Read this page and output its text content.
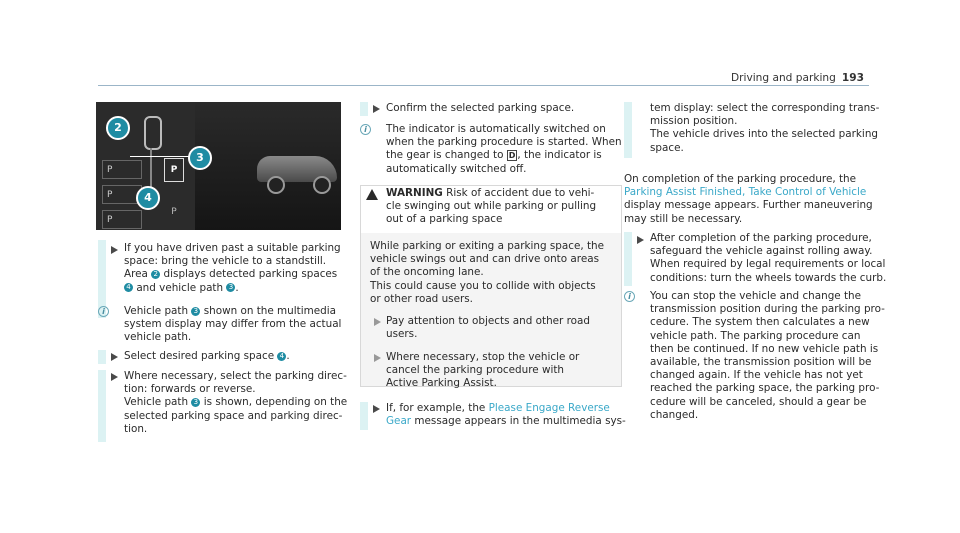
Driving and parking 193
P
P
P
P
P
2
3
4
If you have driven past a suitable parking
space: bring the vehicle to a standstill.
Area 2 displays detected parking spaces
4 and vehicle path 3 .
i	Vehicle path 3 shown on the multimedia
system display may differ from the actual
vehicle path.
Select desired parking space 4 .
Where necessary, select the parking direc-
tion: forwards or reverse.
Vehicle path 3 is shown, depending on the
selected parking space and parking direc-
tion.
Confirm the selected parking space.
i	The indicator is automatically switched on
when the parking procedure is started. When
the gear is changed to D , the indicator is
automatically switched off.
WARNING Risk of accident due to vehi-
cle swinging out while parking or pulling
out of a parking space
While parking or exiting a parking space, the
vehicle swings out and can drive onto areas
of the oncoming lane.
This could cause you to collide with objects
or other road users.
Pay attention to objects and other road
users.
Where necessary, stop the vehicle or
cancel the parking procedure with
Active Parking Assist.
If, for example, the Please Engage Reverse
Gear message appears in the multimedia sys-
tem display: select the corresponding trans-
mission position.
The vehicle drives into the selected parking
space.
On completion of the parking procedure, the
Parking Assist Finished, Take Control of Vehicle
display message appears. Further maneuvering
may still be necessary.
After completion of the parking procedure,
safeguard the vehicle against rolling away.
When required by legal requirements or local
conditions: turn the wheels towards the curb.
i	You can stop the vehicle and change the
transmission position during the parking pro-
cedure. The system then calculates a new
vehicle path. The parking procedure can
then be continued. If no new vehicle path is
available, the transmission position will be
changed again. If the vehicle has not yet
reached the parking space, the parking pro-
cedure will be canceled, should a gear be
changed.
